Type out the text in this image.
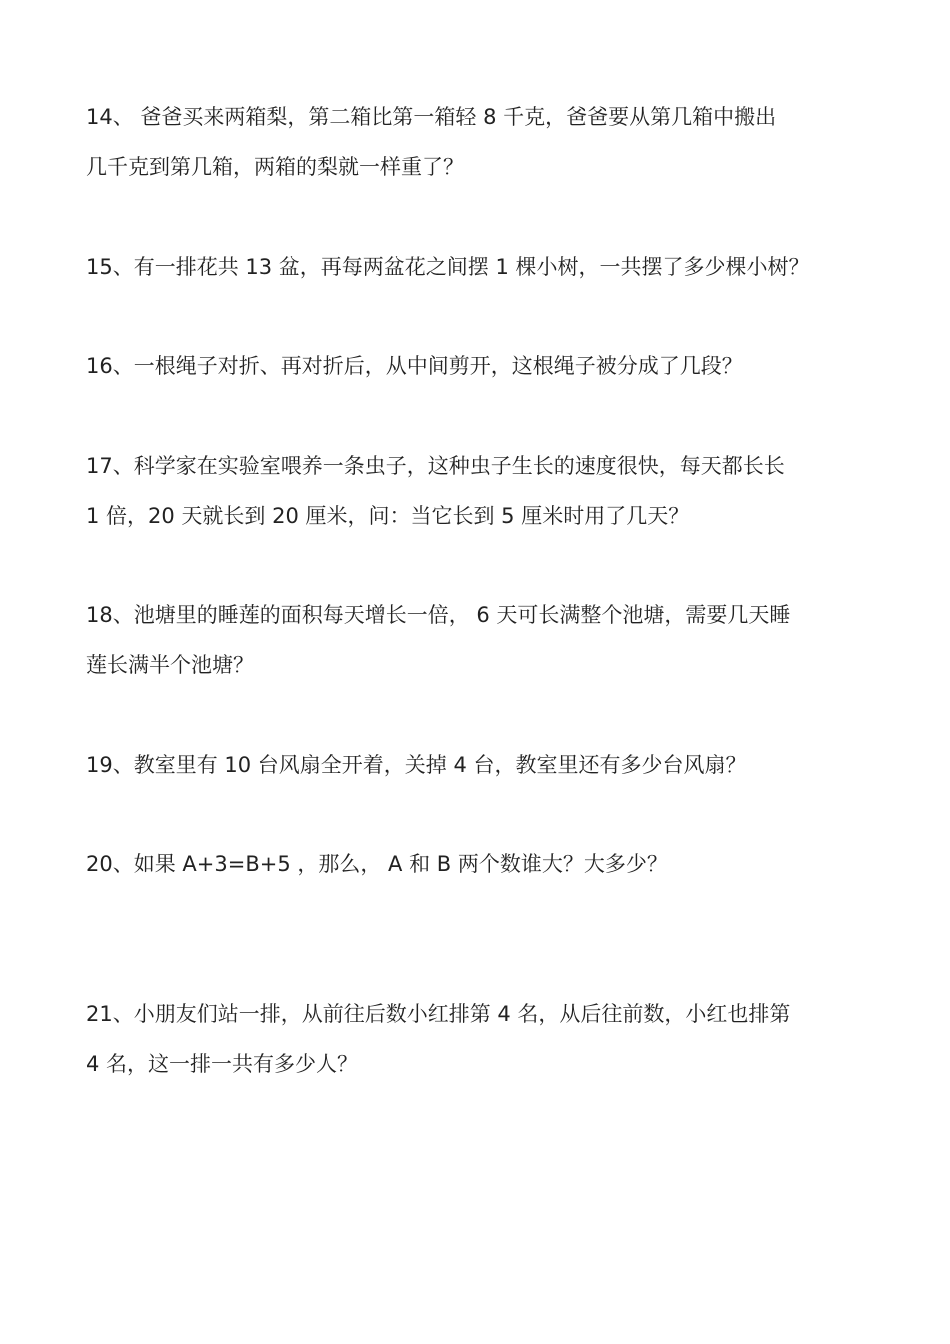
14、 爸爸买来两箱梨，第二箱比第一箱轻 8 千克，爸爸要从第几箱中搬出
几千克到第几箱，两箱的梨就一样重了？
15、有一排花共 13 盆，再每两盆花之间摆 1 棵小树，一共摆了多少棵小树？
16、一根绳子对折、再对折后，从中间剪开，这根绳子被分成了几段？
17、科学家在实验室喂养一条虫子，这种虫子生长的速度很快，每天都长长
1 倍，20 天就长到 20 厘米，问：当它长到 5 厘米时用了几天？
18、池塘里的睡莲的面积每天增长一倍， 6 天可长满整个池塘，需要几天睡
莲长满半个池塘？
19、教室里有 10 台风扇全开着，关掉 4 台，教室里还有多少台风扇？
20、如果 A+3=B+5 ，那么， A 和 B 两个数谁大？大多少？
21、小朋友们站一排，从前往后数小红排第 4 名，从后往前数，小红也排第
4 名，这一排一共有多少人？
